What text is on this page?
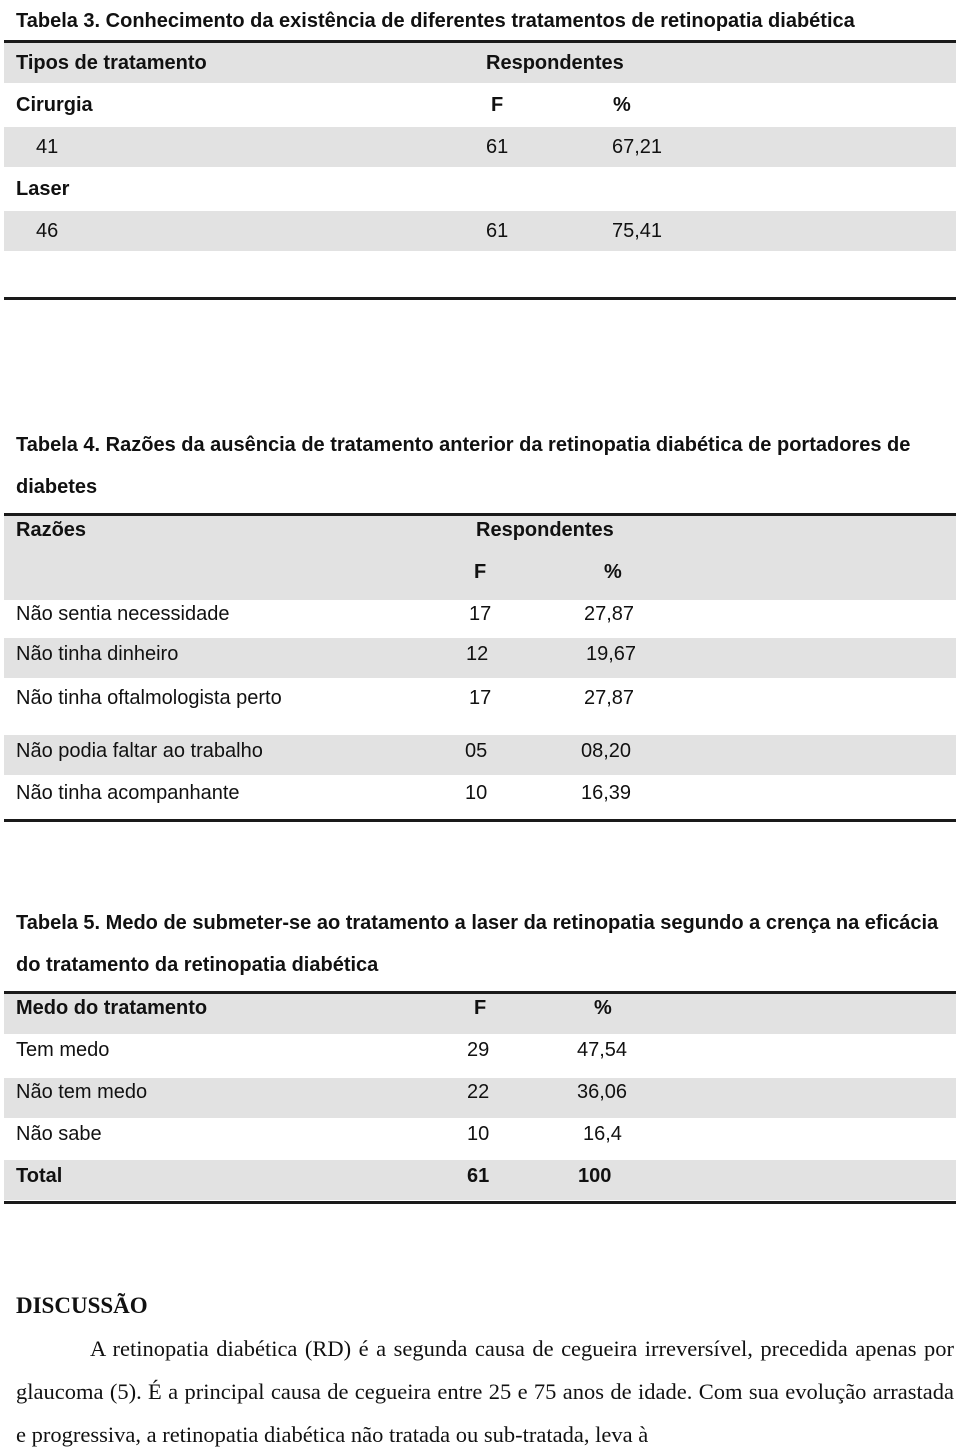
Tabela 3. Conhecimento da existência de diferentes tratamentos de retinopatia diabética
Tipos de tratamento	Respondentes
Cirurgia	F	%
41	61	67,21
Laser
46	61	75,41
Tabela 4. Razões da ausência de tratamento anterior da retinopatia diabética de portadores de
diabetes
Razões	Respondentes
F	%
Não sentia necessidade	17	27,87
Não tinha dinheiro	12	19,67
Não tinha oftalmologista perto	17	27,87
Não podia faltar ao trabalho	05	08,20
Não tinha acompanhante	10	16,39
Tabela 5. Medo de submeter-se ao tratamento a laser da retinopatia segundo a crença na eficácia
do tratamento da retinopatia diabética
Medo do tratamento	F	%
Tem medo	29	47,54
Não tem medo	22	36,06
Não sabe	10	16,4
Total	61	100
DISCUSSÃO
A retinopatia diabética (RD) é a segunda causa de cegueira irreversível, precedida apenas por glaucoma (5). É a principal causa de cegueira entre 25 e 75 anos de idade. Com sua evolução arrastada e progressiva, a retinopatia diabética não tratada ou sub-tratada, leva à
